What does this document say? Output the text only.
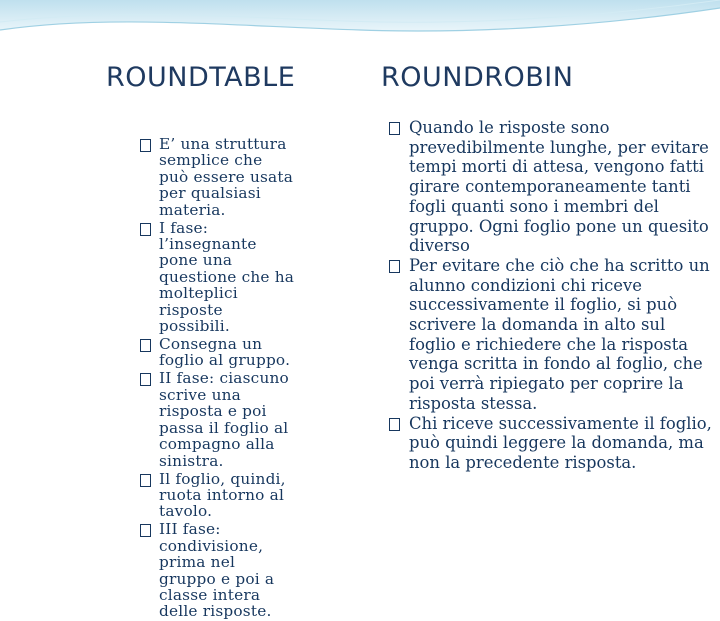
ROUNDTABLE	ROUNDROBIN
E’ una struttura semplice che può essere usata per qualsiasi materia.
I fase: l’insegnante pone una questione che ha molteplici risposte possibili.
Consegna un foglio al gruppo.
II fase: ciascuno scrive una risposta e poi passa il foglio al compagno alla sinistra.
Il foglio, quindi, ruota intorno al tavolo.
III fase: condivisione, prima nel gruppo e poi a classe intera delle risposte.
Quando le risposte sono prevedibilmente lunghe, per evitare tempi morti di attesa, vengono fatti girare contemporaneamente tanti fogli quanti sono i membri del gruppo. Ogni foglio pone un quesito diverso
Per evitare che ciò che ha scritto un alunno condizioni chi riceve successivamente il foglio, si può scrivere la domanda in alto sul foglio e richiedere che la risposta venga scritta in fondo al foglio, che poi verrà ripiegato per coprire la risposta stessa.
Chi riceve successivamente il foglio, può quindi leggere la domanda, ma non la precedente risposta.
